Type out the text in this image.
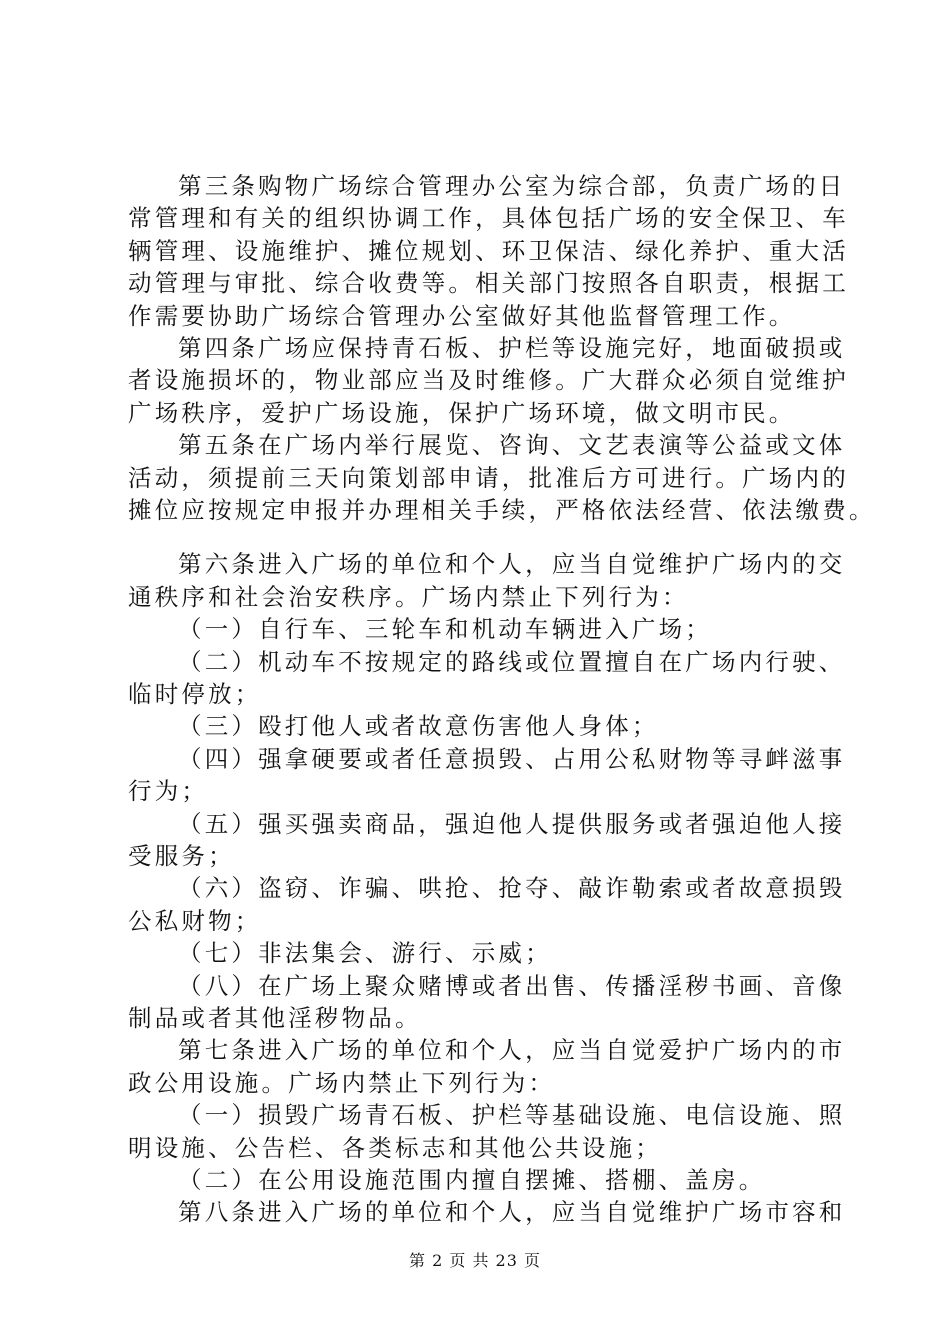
第三条购物广场综合管理办公室为综合部，负责广场的日
常管理和有关的组织协调工作，具体包括广场的安全保卫、车
辆管理、设施维护、摊位规划、环卫保洁、绿化养护、重大活
动管理与审批、综合收费等。相关部门按照各自职责，根据工
作需要协助广场综合管理办公室做好其他监督管理工作。
第四条广场应保持青石板、护栏等设施完好，地面破损或
者设施损坏的，物业部应当及时维修。广大群众必须自觉维护
广场秩序，爱护广场设施，保护广场环境，做文明市民。
第五条在广场内举行展览、咨询、文艺表演等公益或文体
活动，须提前三天向策划部申请，批准后方可进行。广场内的
摊位应按规定申报并办理相关手续，严格依法经营、依法缴费。
第六条进入广场的单位和个人，应当自觉维护广场内的交
通秩序和社会治安秩序。广场内禁止下列行为：
（一）自行车、三轮车和机动车辆进入广场；
（二）机动车不按规定的路线或位置擅自在广场内行驶、
临时停放；
（三）殴打他人或者故意伤害他人身体；
（四）强拿硬要或者任意损毁、占用公私财物等寻衅滋事
行为；
（五）强买强卖商品，强迫他人提供服务或者强迫他人接
受服务；
（六）盗窃、诈骗、哄抢、抢夺、敲诈勒索或者故意损毁
公私财物；
（七）非法集会、游行、示威；
（八）在广场上聚众赌博或者出售、传播淫秽书画、音像
制品或者其他淫秽物品。
第七条进入广场的单位和个人，应当自觉爱护广场内的市
政公用设施。广场内禁止下列行为：
（一）损毁广场青石板、护栏等基础设施、电信设施、照
明设施、公告栏、各类标志和其他公共设施；
（二）在公用设施范围内擅自摆摊、搭棚、盖房。
第八条进入广场的单位和个人，应当自觉维护广场市容和
第 2 页 共 23 页
